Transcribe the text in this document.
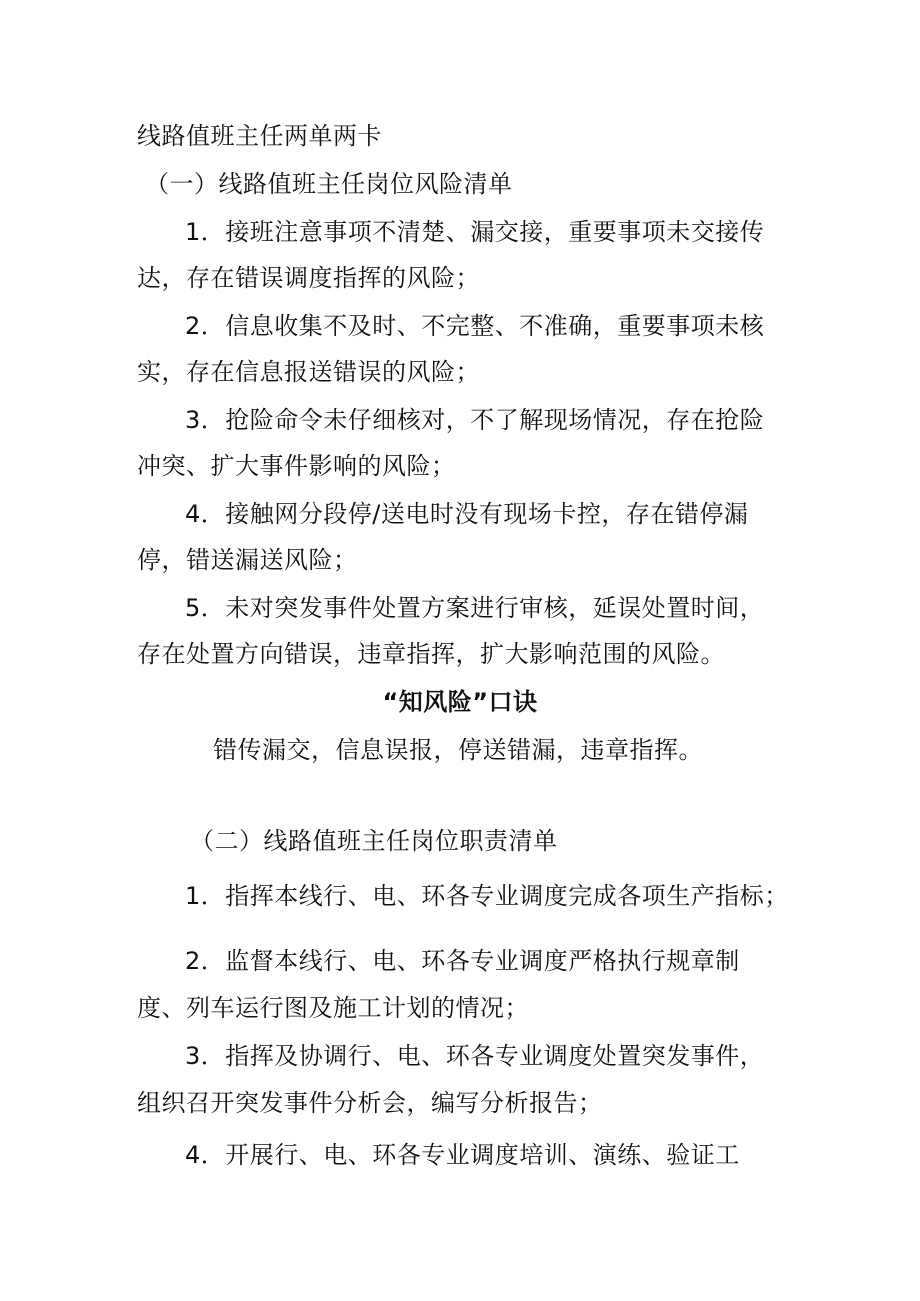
线路值班主任两单两卡
（一）线路值班主任岗位风险清单
1．接班注意事项不清楚、漏交接，重要事项未交接传
达，存在错误调度指挥的风险；
2．信息收集不及时、不完整、不准确，重要事项未核
实，存在信息报送错误的风险；
3．抢险命令未仔细核对，不了解现场情况，存在抢险
冲突、扩大事件影响的风险；
4．接触网分段停/送电时没有现场卡控，存在错停漏
停，错送漏送风险；
5．未对突发事件处置方案进行审核，延误处置时间，
存在处置方向错误，违章指挥，扩大影响范围的风险。
“知风险”口诀
错传漏交，信息误报，停送错漏，违章指挥。
（二）线路值班主任岗位职责清单
1．指挥本线行、电、环各专业调度完成各项生产指标；
2．监督本线行、电、环各专业调度严格执行规章制
度、列车运行图及施工计划的情况；
3．指挥及协调行、电、环各专业调度处置突发事件，
组织召开突发事件分析会，编写分析报告；
4．开展行、电、环各专业调度培训、演练、验证工
